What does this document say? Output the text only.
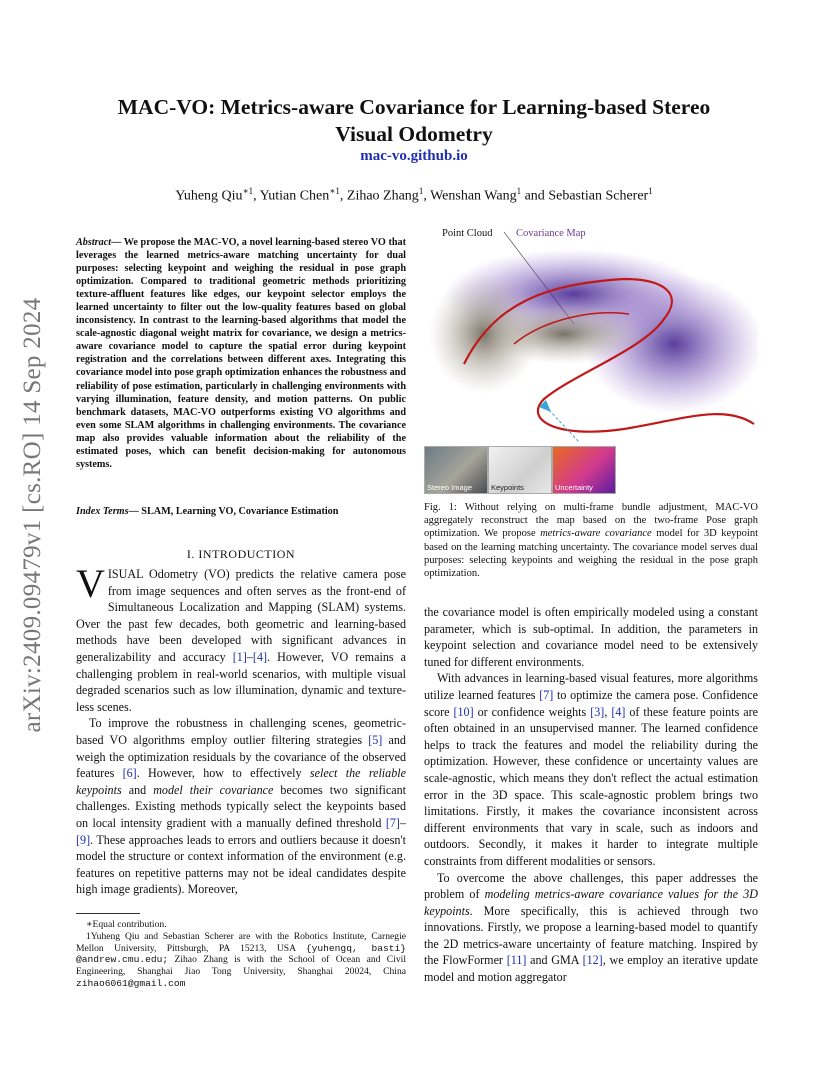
arXiv:2409.09479v1 [cs.RO] 14 Sep 2024
MAC-VO: Metrics-aware Covariance for Learning-based Stereo Visual Odometry
mac-vo.github.io
Yuheng Qiu$^{∗1}$, Yutian Chen$^{∗1}$, Zihao Zhang$^1$, Wenshan Wang$^1$ and Sebastian Scherer$^1$
Abstract— We propose the MAC-VO, a novel learning-based stereo VO that leverages the learned metrics-aware matching uncertainty for dual purposes: selecting keypoint and weighing the residual in pose graph optimization. Compared to traditional geometric methods prioritizing texture-affluent features like edges, our keypoint selector employs the learned uncertainty to filter out the low-quality features based on global inconsistency. In contrast to the learning-based algorithms that model the scale-agnostic diagonal weight matrix for covariance, we design a metrics-aware covariance model to capture the spatial error during keypoint registration and the correlations between different axes. Integrating this covariance model into pose graph optimization enhances the robustness and reliability of pose estimation, particularly in challenging environments with varying illumination, feature density, and motion patterns. On public benchmark datasets, MAC-VO outperforms existing VO algorithms and even some SLAM algorithms in challenging environments. The covariance map also provides valuable information about the reliability of the estimated poses, which can benefit decision-making for autonomous systems.
Index Terms— SLAM, Learning VO, Covariance Estimation
I. INTRODUCTION

VISUAL Odometry (VO) predicts the relative camera pose from image sequences and often serves as the front-end of Simultaneous Localization and Mapping (SLAM) systems. Over the past few decades, both geometric and learning-based methods have been developed with significant advances in generalizability and accuracy [1]–[4]. However, VO remains a challenging problem in real-world scenarios, with multiple visual degraded scenarios such as low illumination, dynamic and texture-less scenes.

To improve the robustness in challenging scenes, geometric-based VO algorithms employ outlier filtering strategies [5] and weigh the optimization residuals by the covariance of the observed features [6]. However, how to effectively select the reliable keypoints and model their covariance becomes two significant challenges. Existing methods typically select the keypoints based on local intensity gradient with a manually defined threshold [7]–[9]. These approaches leads to errors and outliers because it doesn't model the structure or context information of the environment (e.g. features on repetitive patterns may not be ideal candidates despite high image gradients). Moreover,

∗Equal contribution.
1Yuheng Qiu and Sebastian Scherer are with the Robotics Institute, Carnegie Mellon University, Pittsburgh, PA 15213, USA {yuhengq, basti} @andrew.cmu.edu; Zihao Zhang is with the School of Ocean and Civil Engineering, Shanghai Jiao Tong University, Shanghai 20024, China zihao6061@gmail.com
Point Cloud Covariance Map
Stereo Image	Keypoints	Uncertainty
Fig. 1: Without relying on multi-frame bundle adjustment, MAC-VO aggregately reconstruct the map based on the two-frame Pose graph optimization. We propose metrics-aware covariance model for 3D keypoint based on the learning matching uncertainty. The covariance model serves dual purposes: selecting keypoints and weighing the residual in the pose graph optimization.

the covariance model is often empirically modeled using a constant parameter, which is sub-optimal. In addition, the parameters in keypoint selection and covariance model need to be extensively tuned for different environments.

With advances in learning-based visual features, more algorithms utilize learned features [7] to optimize the camera pose. Confidence score [10] or confidence weights [3], [4] of these feature points are often obtained in an unsupervised manner. The learned confidence helps to track the features and model the reliability during the optimization. However, these confidence or uncertainty values are scale-agnostic, which means they don't reflect the actual estimation error in the 3D space. This scale-agnostic problem brings two limitations. Firstly, it makes the covariance inconsistent across different environments that vary in scale, such as indoors and outdoors. Secondly, it makes it harder to integrate multiple constraints from different modalities or sensors.

To overcome the above challenges, this paper addresses the problem of modeling metrics-aware covariance values for the 3D keypoints. More specifically, this is achieved through two innovations. Firstly, we propose a learning-based model to quantify the 2D metrics-aware uncertainty of feature matching. Inspired by the FlowFormer [11] and GMA [12], we employ an iterative update model and motion aggregator
